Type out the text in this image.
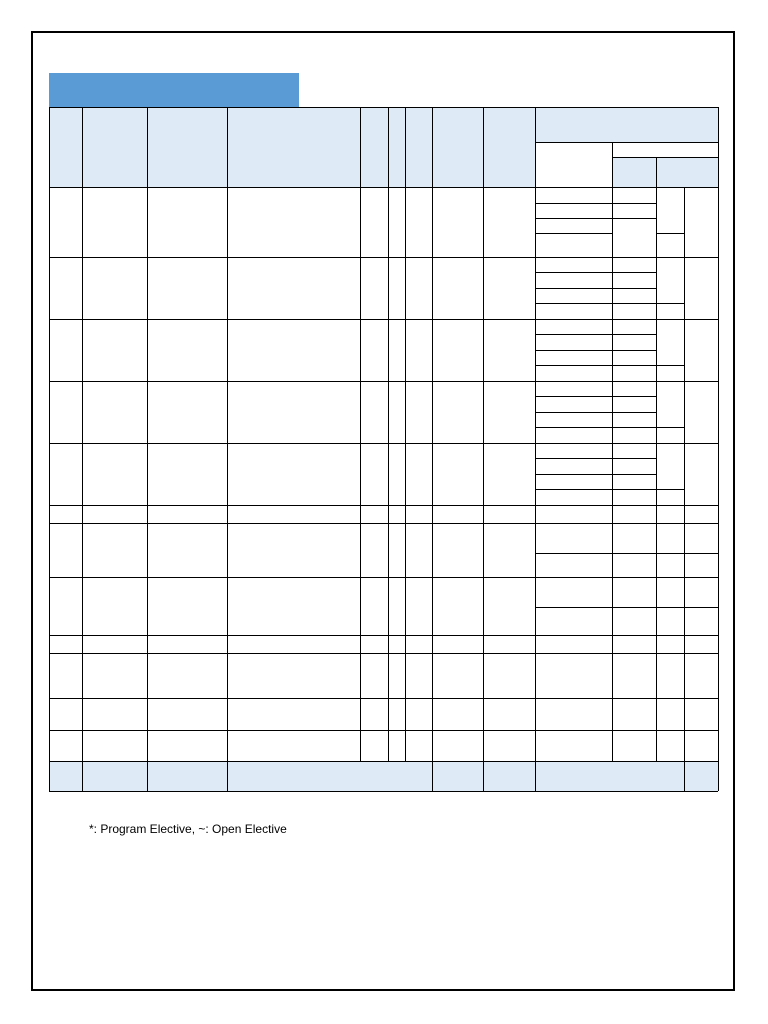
*: Program Elective, ~: Open Elective
